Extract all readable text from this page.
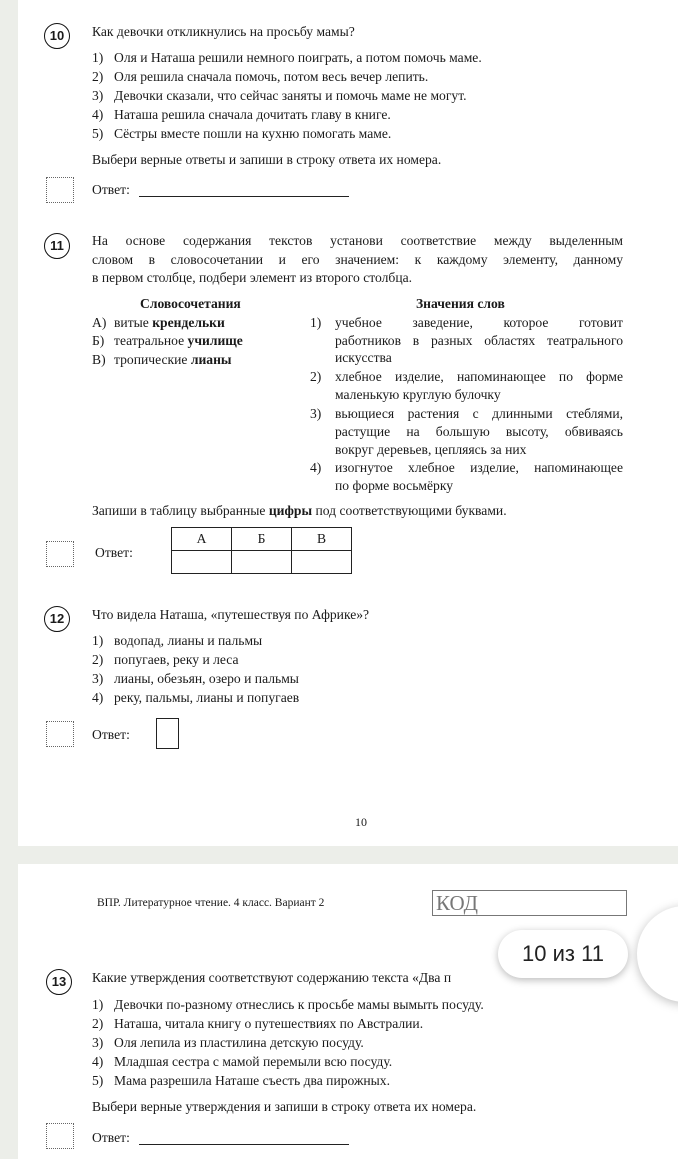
10	Как девочки откликнулись на просьбу мамы?
1) Оля и Наташа решили немного поиграть, а потом помочь маме.
2) Оля решила сначала помочь, потом весь вечер лепить.
3) Девочки сказали, что сейчас заняты и помочь маме не могут.
4) Наташа решила сначала дочитать главу в книге.
5) Сёстры вместе пошли на кухню помогать маме.
Выбери верные ответы и запиши в строку ответа их номера.
Ответ:
11	На основе содержания текстов установи соответствие между выделенным
словом в словосочетании и его значением: к каждому элементу, данному
в первом столбце, подбери элемент из второго столбца.
Словосочетания	Значения слов
А) витые крендельки
Б) театральное училище
В) тропические лианы
1) учебное заведение, которое готовит
работников в разных областях театрального
искусства
2) хлебное изделие, напоминающее по форме
маленькую круглую булочку
3) вьющиеся растения с длинными стеблями,
растущие на большую высоту, обвиваясь
вокруг деревьев, цепляясь за них
4) изогнутое хлебное изделие, напоминающее
по форме восьмёрку
Запиши в таблицу выбранные цифры под соответствующими буквами.
Ответ:
А	Б	В

12	Что видела Наташа, «путешествуя по Африке»?
1) водопад, лианы и пальмы
2) попугаев, реку и леса
3) лианы, обезьян, озеро и пальмы
4) реку, пальмы, лианы и попугаев
Ответ:
10
ВПР. Литературное чтение. 4 класс. Вариант 2	КОД
13	Какие утверждения соответствуют содержанию текста «Два п
1) Девочки по-разному отнеслись к просьбе мамы вымыть посуду.
2) Наташа, читала книгу о путешествиях по Австралии.
3) Оля лепила из пластилина детскую посуду.
4) Младшая сестра с мамой перемыли всю посуду.
5) Мама разрешила Наташе съесть два пирожных.
Выбери верные утверждения и запиши в строку ответа их номера.
Ответ:
10 из 11
